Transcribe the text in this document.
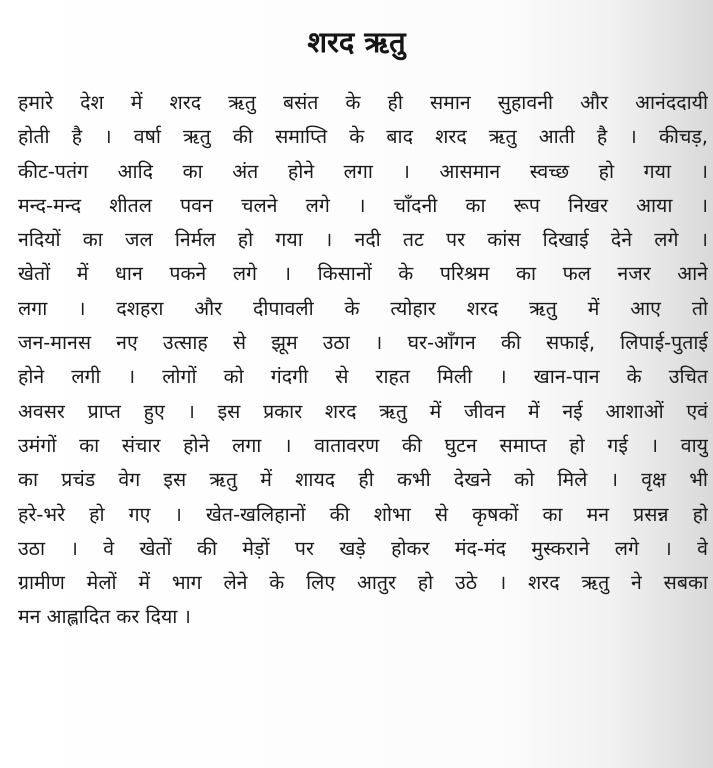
शरद ऋतु
हमारे देश में शरद ऋतु बसंत के ही समान सुहावनी और आनंददायी
होती है । वर्षा ऋतु की समाप्ति के बाद शरद ऋतु आती है । कीचड़,
कीट-पतंग आदि का अंत होने लगा । आसमान स्वच्छ हो गया ।
मन्द-मन्द शीतल पवन चलने लगे । चाँदनी का रूप निखर आया ।
नदियों का जल निर्मल हो गया । नदी तट पर कांस दिखाई देने लगे ।
खेतों में धान पकने लगे । किसानों के परिश्रम का फल नजर आने
लगा । दशहरा और दीपावली के त्योहार शरद ऋतु में आए तो
जन-मानस नए उत्साह से झूम उठा । घर-आँगन की सफाई, लिपाई-पुताई
होने लगी । लोगों को गंदगी से राहत मिली । खान-पान के उचित
अवसर प्राप्त हुए । इस प्रकार शरद ऋतु में जीवन में नई आशाओं एवं
उमंगों का संचार होने लगा । वातावरण की घुटन समाप्त हो गई । वायु
का प्रचंड वेग इस ऋतु में शायद ही कभी देखने को मिले । वृक्ष भी
हरे-भरे हो गए । खेत-खलिहानों की शोभा से कृषकों का मन प्रसन्न हो
उठा । वे खेतों की मेड़ों पर खड़े होकर मंद-मंद मुस्कराने लगे । वे
ग्रामीण मेलों में भाग लेने के लिए आतुर हो उठे । शरद ऋतु ने सबका
मन आह्लादित कर दिया ।
